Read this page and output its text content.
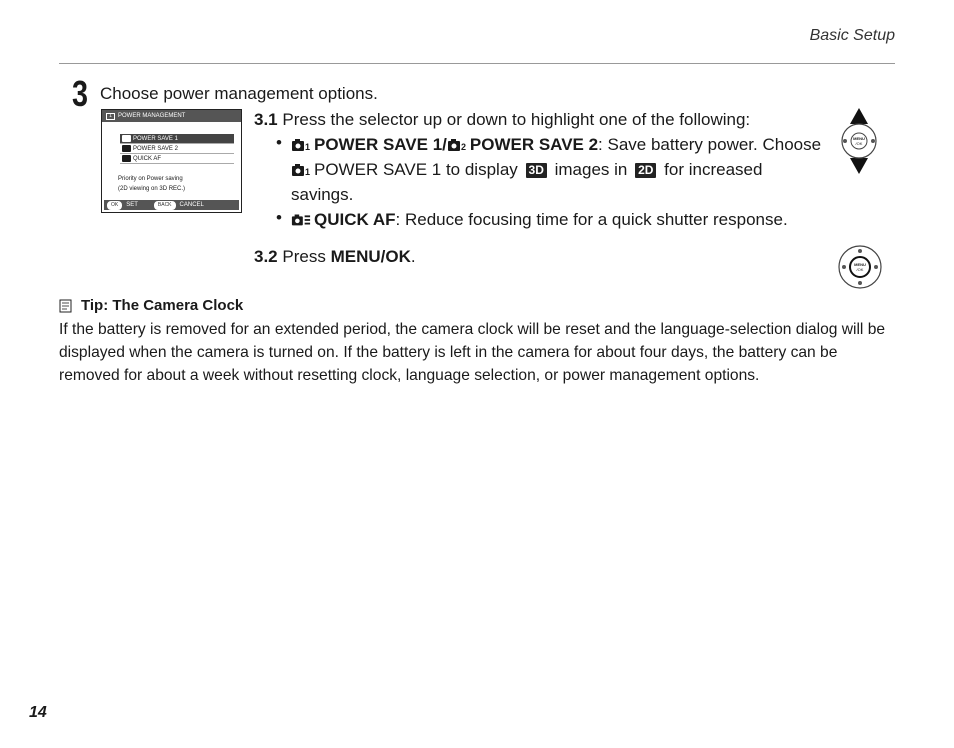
Basic Setup
3 Choose power management options.
1	POWER MANAGEMENT
POWER SAVE 1
POWER SAVE 2
QUICK AF
Priority on Power saving
(2D viewing on 3D REC.)
OK	SET	BACK	CANCEL
3.1 Press the selector up or down to highlight one of the following:
•	1 POWER SAVE 1/ 2 POWER SAVE 2: Save battery power. Choose
1 POWER SAVE 1 to display 3D images in 2D for increased
savings.
•	QUICK AF: Reduce focusing time for a quick shutter response.
3.2 Press MENU/OK.
MENU
/OK
MENU
/OK
Tip: The Camera Clock
If the battery is removed for an extended period, the camera clock will be reset and the language-selection dialog will be displayed when the camera is turned on. If the battery is left in the camera for about four days, the battery can be removed for about a week without resetting clock, language selection, or power management options.
14
